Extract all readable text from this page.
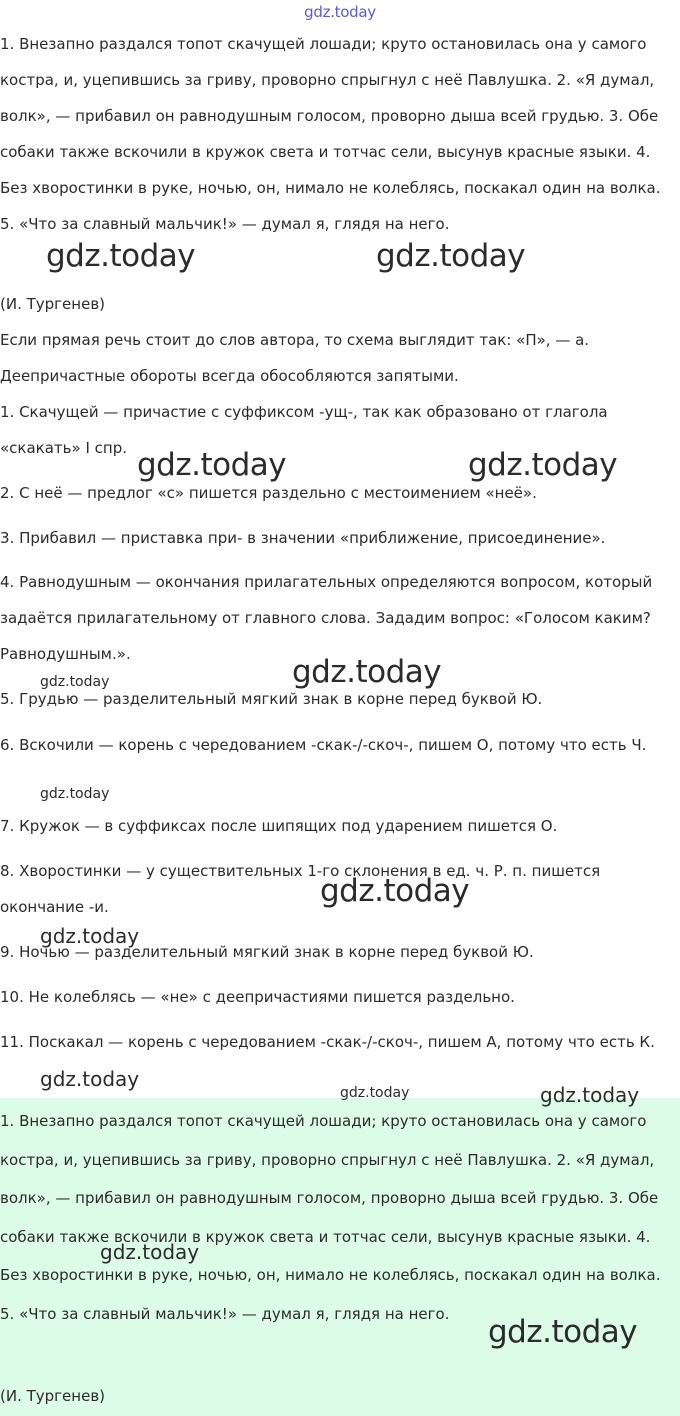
gdz.today

1. Внезапно раздался топот скачущей лошади; круто остановилась она у самого костра, и, уцепившись за гриву, проворно спрыгнул с неё Павлушка. 2. «Я думал, волк», — прибавил он равнодушным голосом, проворно дыша всей грудью. 3. Обе собаки также вскочили в кружок света и тотчас сели, высунув красные языки. 4. Без хворостинки в руке, ночью, он, нимало не колеблясь, поскакал один на волка. 5. «Что за славный мальчик!» — думал я, глядя на него.

(И. Тургенев)

Если прямая речь стоит до слов автора, то схема выглядит так: «П», — а.

Деепричастные обороты всегда обособляются запятыми.

1. Скачущей — причастие с суффиксом -ущ-, так как образовано от глагола «скакать» I спр.

2. С неё — предлог «с» пишется раздельно с местоимением «неё».

3. Прибавил — приставка при- в значении «приближение, присоединение».

4. Равнодушным — окончания прилагательных определяются вопросом, который задаётся прилагательному от главного слова. Зададим вопрос: «Голосом каким? Равнодушным.».

5. Грудью — разделительный мягкий знак в корне перед буквой Ю.

6. Вскочили — корень с чередованием -скак-/-скоч-, пишем О, потому что есть Ч.

7. Кружок — в суффиксах после шипящих под ударением пишется О.

8. Хворостинки — у существительных 1-го склонения в ед. ч. Р. п. пишется окончание -и.

9. Ночью — разделительный мягкий знак в корне перед буквой Ю.

10. Не колеблясь — «не» с деепричастиями пишется раздельно.

11. Поскакал — корень с чередованием -скак-/-скоч-, пишем А, потому что есть К.

1. Внезапно раздался топот скачущей лошади; круто остановилась она у самого костра, и, уцепившись за гриву, проворно спрыгнул с неё Павлушка. 2. «Я думал, волк», — прибавил он равнодушным голосом, проворно дыша всей грудью. 3. Обе собаки также вскочили в кружок света и тотчас сели, высунув красные языки. 4. Без хворостинки в руке, ночью, он, нимало не колеблясь, поскакал один на волка. 5. «Что за славный мальчик!» — думал я, глядя на него.

(И. Тургенев)

gdz.today	gdz.today
gdz.today	gdz.today
gdz.today
gdz.today
gdz.today
gdz.today
gdz.today
gdz.today
gdz.today	gdz.today
gdz.today
gdz.today
